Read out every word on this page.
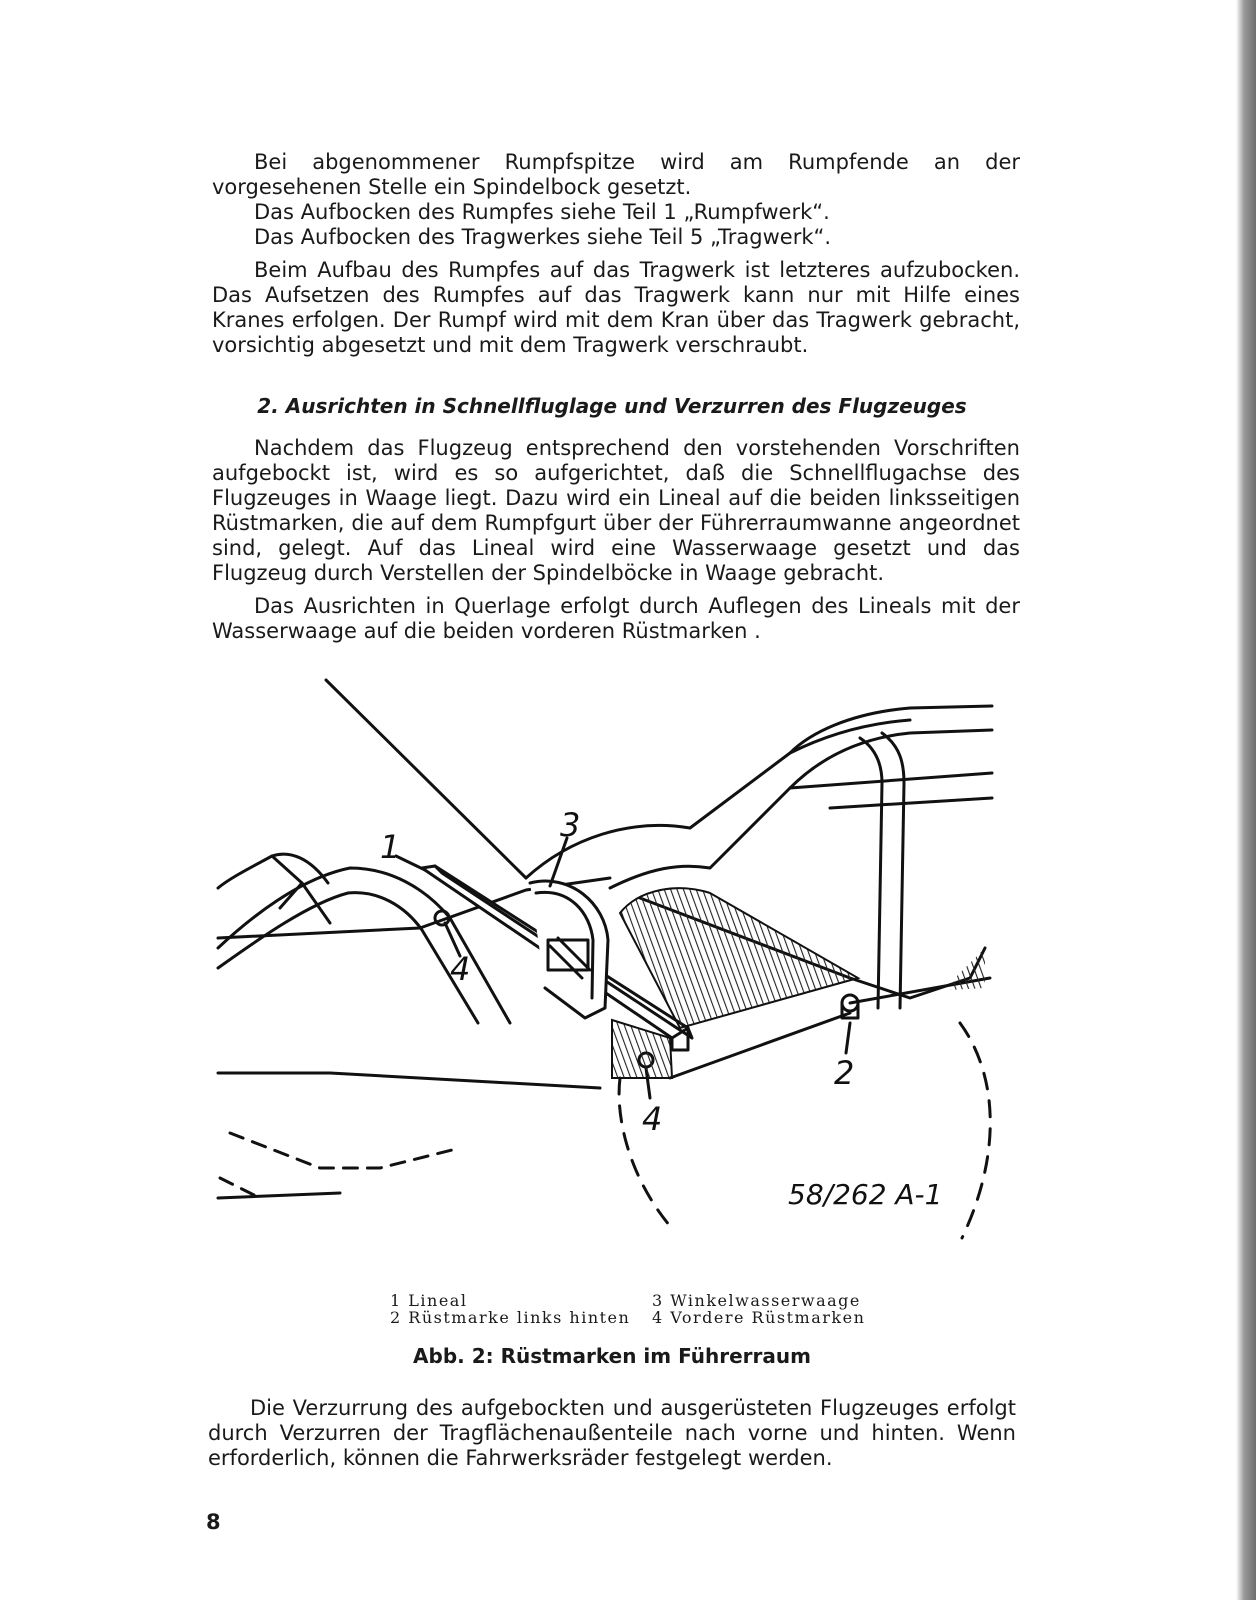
Bei abgenommener Rumpfspitze wird am Rumpfende an der vorgesehenen Stelle ein Spindelbock gesetzt.

Das Aufbocken des Rumpfes siehe Teil 1 „Rumpfwerk“.

Das Aufbocken des Tragwerkes siehe Teil 5 „Tragwerk“.

Beim Aufbau des Rumpfes auf das Tragwerk ist letzteres aufzubocken. Das Aufsetzen des Rumpfes auf das Tragwerk kann nur mit Hilfe eines Kranes erfolgen. Der Rumpf wird mit dem Kran über das Tragwerk gebracht, vorsichtig abgesetzt und mit dem Tragwerk verschraubt.

2. Ausrichten in Schnellfluglage und Verzurren des Flugzeuges

Nachdem das Flugzeug entsprechend den vorstehenden Vorschriften aufgebockt ist, wird es so aufgerichtet, daß die Schnellflugachse des Flugzeuges in Waage liegt. Dazu wird ein Lineal auf die beiden linksseitigen Rüstmarken, die auf dem Rumpfgurt über der Führerraumwanne angeordnet sind, gelegt. Auf das Lineal wird eine Wasserwaage gesetzt und das Flugzeug durch Verstellen der Spindelböcke in Waage gebracht.

Das Ausrichten in Querlage erfolgt durch Auflegen des Lineals mit der Wasserwaage auf die beiden vorderen Rüstmarken .

1
2
3
4
4
58/262 A-1
1 Lineal
2 Rüstmarke links hinten
3 Winkelwasserwaage
4 Vordere Rüstmarken
Abb. 2: Rüstmarken im Führerraum

Die Verzurrung des aufgebockten und ausgerüsteten Flugzeuges erfolgt durch Verzurren der Tragflächenaußenteile nach vorne und hinten. Wenn erforderlich, können die Fahrwerksräder festgelegt werden.

8
